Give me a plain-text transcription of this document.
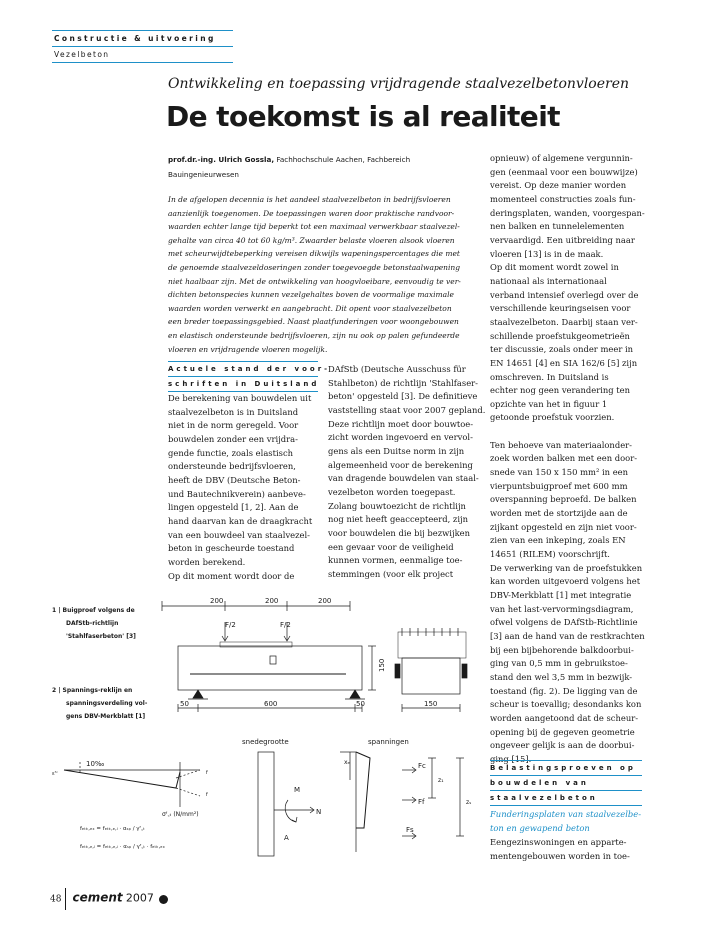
Constructie & uitvoering
Vezelbeton
Ontwikkeling en toepassing vrijdragende staalvezelbetonvloeren
De toekomst is al realiteit
prof.dr.-ing. Ulrich Gossla, Fachhochschule Aachen, Fachbereich
Bauingenieurwesen

In de afgelopen decennia is het aandeel staalvezelbeton in bedrijfsvloeren

aanzienlijk toegenomen. De toepassingen waren door praktische randvoor-

waarden echter lange tijd beperkt tot een maximaal verwerkbaar staalvezel-

gehalte van circa 40 tot 60 kg/m³. Zwaarder belaste vloeren alsook vloeren

met scheurwijdtebeperking vereisen dikwijls wapeningspercentages die met

de genoemde staalvezeldoseringen zonder toegevoegde betonstaalwapening

niet haalbaar zijn. Met de ontwikkeling van hoogvloeibare, eenvoudig te ver-

dichten betonspecies kunnen vezelgehaltes boven de voormalige maximale

waarden worden verwerkt en aangebracht. Dit opent voor staalvezelbeton

een breder toepassingsgebied. Naast plaatfunderingen voor woongebouwen

en elastisch ondersteunde bedrijfsvloeren, zijn nu ook op palen gefundeerde

vloeren en vrijdragende vloeren mogelijk.

Actuele stand der voor-
schriften in Duitsland

De berekening van bouwdelen uit

staalvezelbeton is in Duitsland

niet in de norm geregeld. Voor

bouwdelen zonder een vrijdra-

gende functie, zoals elastisch

ondersteunde bedrijfsvloeren,

heeft de DBV (Deutsche Beton-

und Bautechnikverein) aanbeve-

lingen opgesteld [1, 2]. Aan de

hand daarvan kan de draagkracht

van een bouwdeel van staalvezel-

beton in gescheurde toestand

worden berekend.

Op dit moment wordt door de

DAfStb (Deutsche Ausschuss für

Stahlbeton) de richtlijn 'Stahlfaser-

beton' opgesteld [3]. De definitieve

vaststelling staat voor 2007 gepland.

Deze richtlijn moet door bouwtoe-

zicht worden ingevoerd en vervol-

gens als een Duitse norm in zijn

algemeenheid voor de berekening

van dragende bouwdelen van staal-

vezelbeton worden toegepast.

Zolang bouwtoezicht de richtlijn

nog niet heeft geaccepteerd, zijn

voor bouwdelen die bij bezwijken

een gevaar voor de veiligheid

kunnen vormen, eenmalige toe-

stemmingen (voor elk project

opnieuw) of algemene vergunnin-

gen (eenmaal voor een bouwwijze)

vereist. Op deze manier worden

momenteel constructies zoals fun-

deringsplaten, wanden, voorgespan-

nen balken en tunnelelementen

vervaardigd. Een uitbreiding naar

vloeren [13] is in de maak.

Op dit moment wordt zowel in

nationaal als internationaal

verband intensief overlegd over de

verschillende keuringseisen voor

staalvezelbeton. Daarbij staan ver-

schillende proefstukgeometrieën

ter discussie, zoals onder meer in

EN 14651 [4] en SIA 162/6 [5] zijn

omschreven. In Duitsland is

echter nog geen verandering ten

opzichte van het in figuur 1

getoonde proefstuk voorzien.

Ten behoeve van materiaalonder-

zoek worden balken met een door-

snede van 150 x 150 mm² in een

vierpuntsbuigproef met 600 mm

overspanning beproefd. De balken

worden met de stortzijde aan de

zijkant opgesteld en zijn niet voor-

zien van een inkeping, zoals EN

14651 (RILEM) voorschrijft.

De verwerking van de proefstukken

kan worden uitgevoerd volgens het

DBV-Merkblatt [1] met integratie

van het last-vervormingsdiagram,

ofwel volgens de DAfStb-Richtlinie

[3] aan de hand van de restkrachten

bij een bijbehorende balkdoorbui-

ging van 0,5 mm in gebruikstoe-

stand den wel 3,5 mm in bezwijk-

toestand (fig. 2). De ligging van de

scheur is toevallig; desondanks kon

worden aangetoond dat de scheur-

opening bij de gegeven geometrie

ongeveer gelijk is aan de doorbui-

ging [15].

Belastingsproeven op
bouwdelen van
staalvezelbeton

Funderingsplaten van staalvezelbe-

ton en gewapend beton

Eengezinswoningen en apparte-

mentengebouwen worden in toe-

1 | Buigproef volgens de

DAfStb-richtlijn

'Stahlfaserbeton' [3]

2 | Spannings-reklijn en

spanningsverdeling vol-

gens DBV-Merkblatt [1]

200	200	200
F/2	F/2
150
50	600	50	150
10‰
εᶠᶜ	f
f
σᶠ꜀ₜ (N/mm²)
snedegrootte	spanningen
M
N
A
Fc
Ff
Fs
xₑ
z₁
zₛ
fₑₜₖ,ₑₓ = fₑₜₖ,ₑ,ₗ · αₛₚ / γᶠ꜀ₜ
fₑₜₖ,ₑ,ₗ = fₑₜₖ,ₑ,ᵢ · αₛₚ / γᶠ꜀ₜ · fₑₜₖ,ₑₓ
48 cement 2007
